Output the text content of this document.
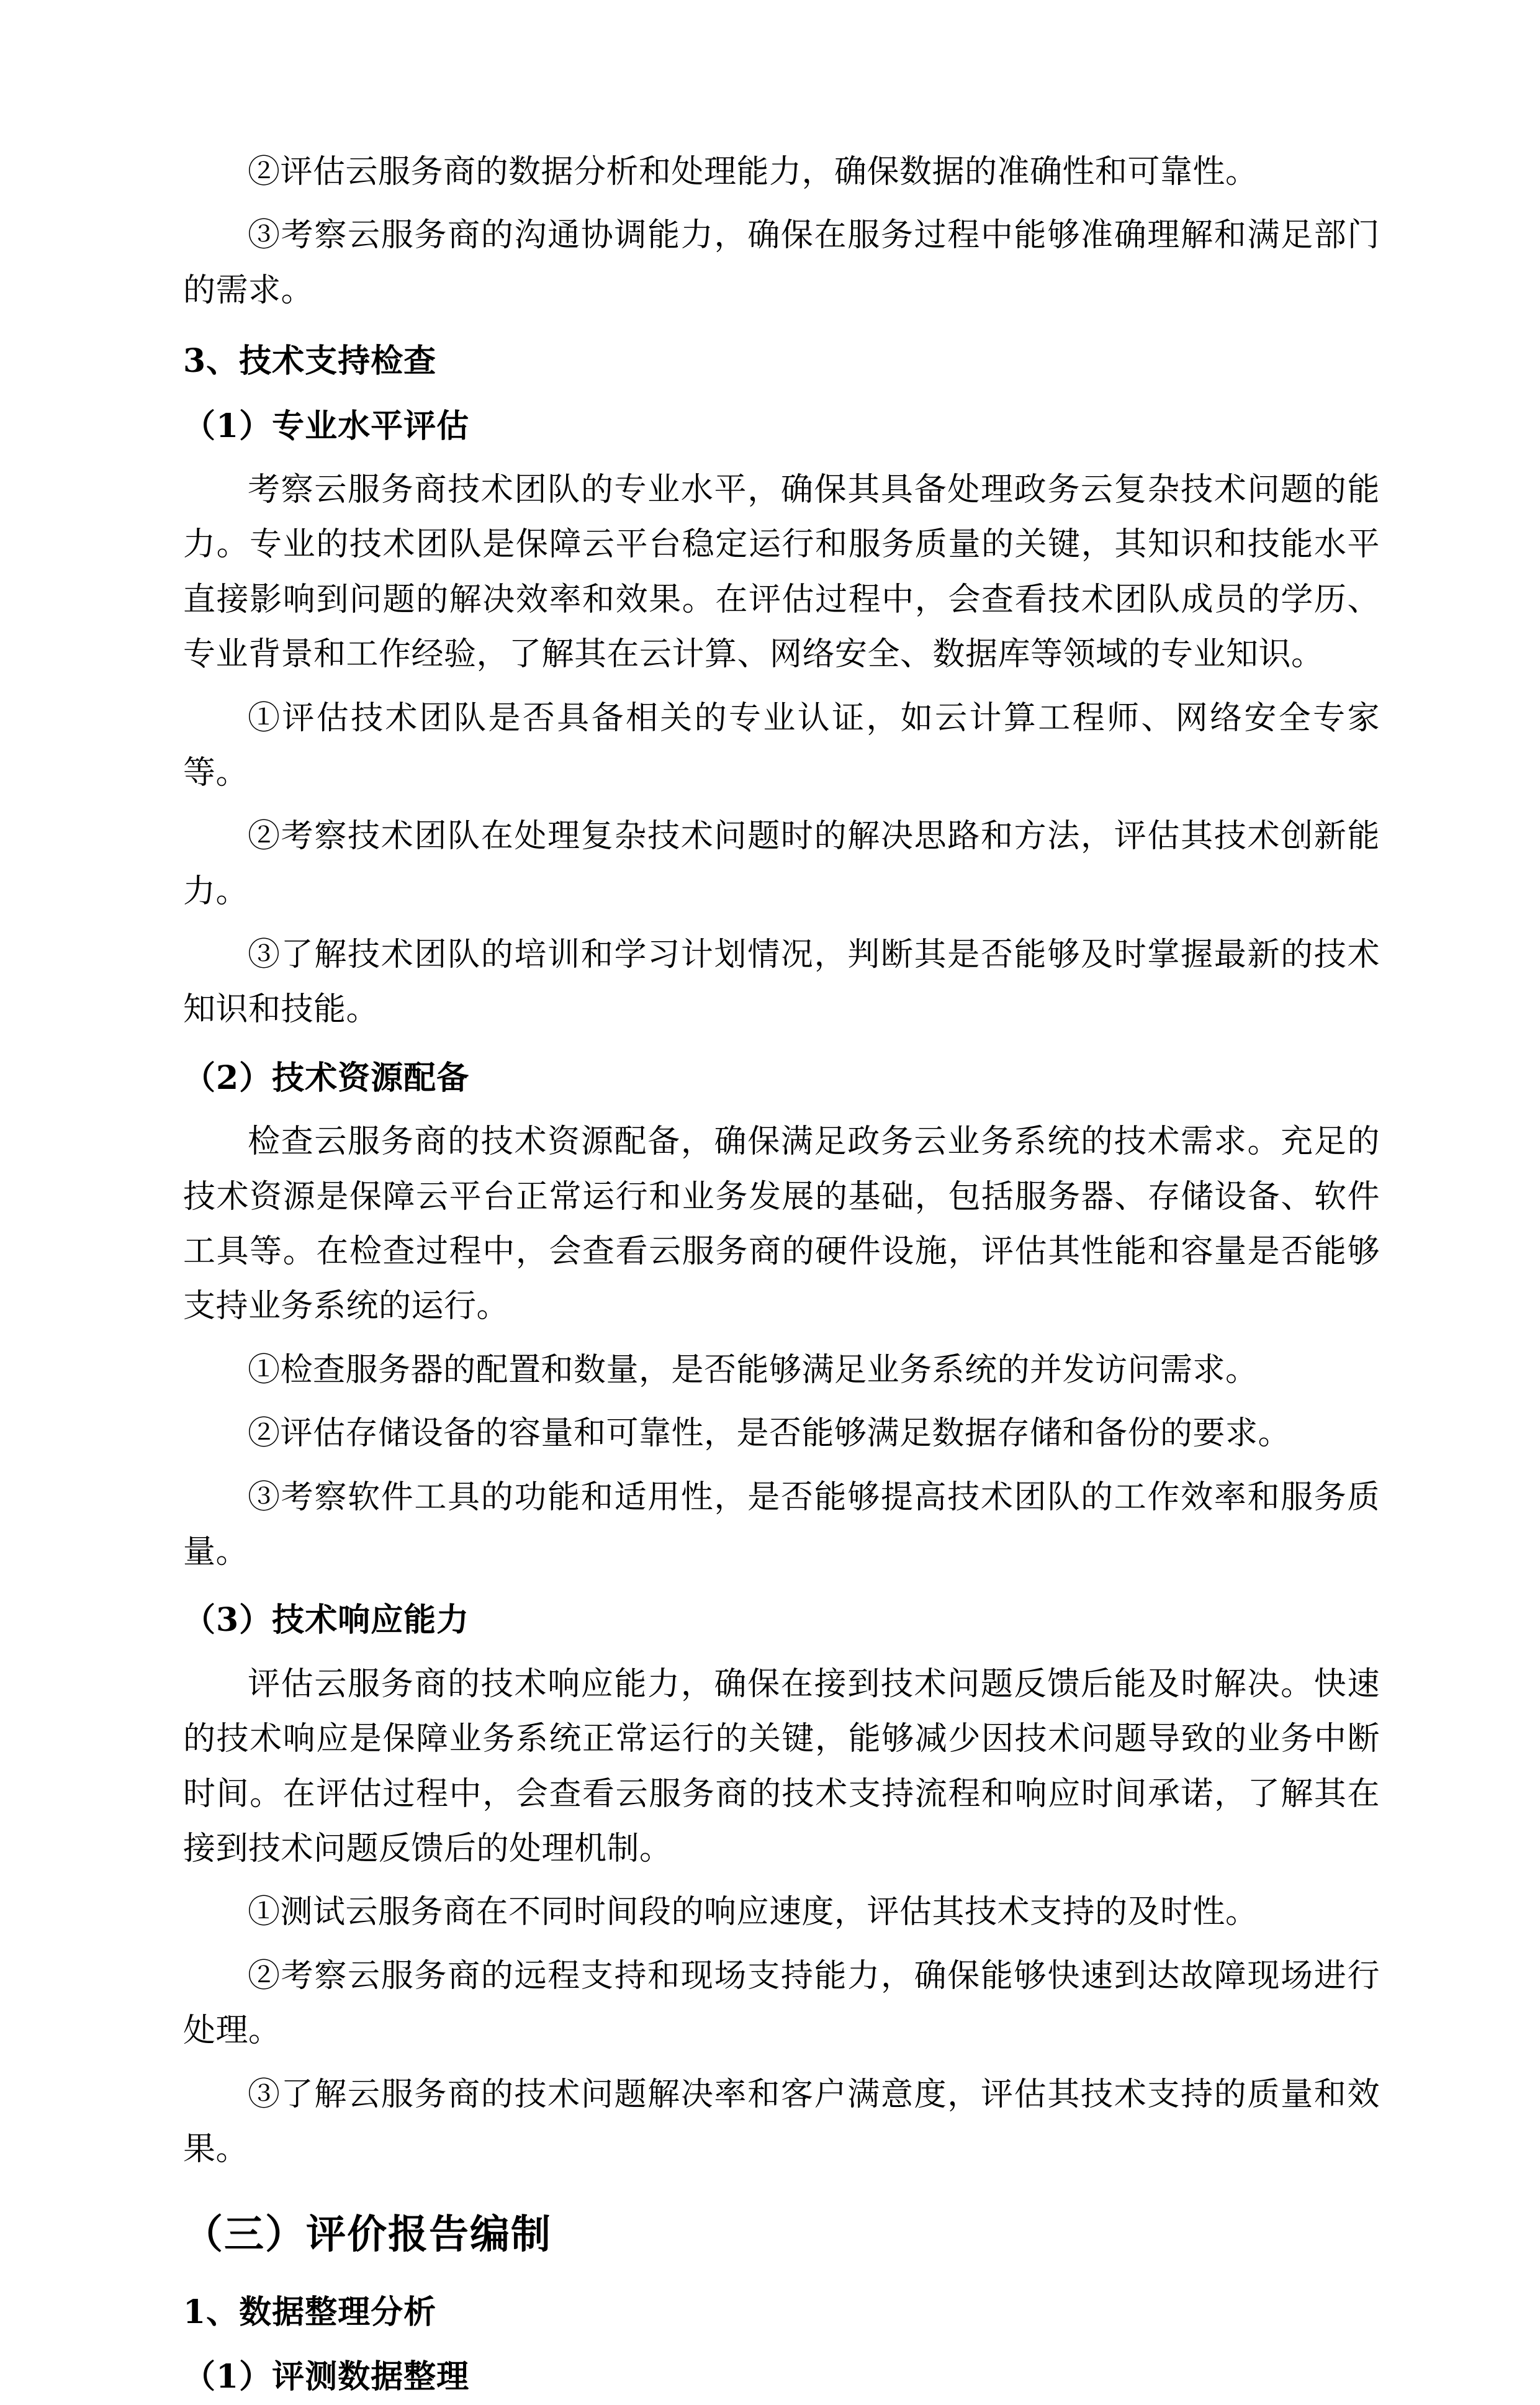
②评估云服务商的数据分析和处理能力，确保数据的准确性和可靠性。

③考察云服务商的沟通协调能力，确保在服务过程中能够准确理解和满足部门的需求。

3、技术支持检查
（1）专业水平评估

考察云服务商技术团队的专业水平，确保其具备处理政务云复杂技术问题的能力。专业的技术团队是保障云平台稳定运行和服务质量的关键，其知识和技能水平直接影响到问题的解决效率和效果。在评估过程中，会查看技术团队成员的学历、专业背景和工作经验，了解其在云计算、网络安全、数据库等领域的专业知识。

①评估技术团队是否具备相关的专业认证，如云计算工程师、网络安全专家等。

②考察技术团队在处理复杂技术问题时的解决思路和方法，评估其技术创新能力。

③了解技术团队的培训和学习计划情况，判断其是否能够及时掌握最新的技术知识和技能。

（2）技术资源配备

检查云服务商的技术资源配备，确保满足政务云业务系统的技术需求。充足的技术资源是保障云平台正常运行和业务发展的基础，包括服务器、存储设备、软件工具等。在检查过程中，会查看云服务商的硬件设施，评估其性能和容量是否能够支持业务系统的运行。

①检查服务器的配置和数量，是否能够满足业务系统的并发访问需求。

②评估存储设备的容量和可靠性，是否能够满足数据存储和备份的要求。

③考察软件工具的功能和适用性，是否能够提高技术团队的工作效率和服务质量。

（3）技术响应能力

评估云服务商的技术响应能力，确保在接到技术问题反馈后能及时解决。快速的技术响应是保障业务系统正常运行的关键，能够减少因技术问题导致的业务中断时间。在评估过程中，会查看云服务商的技术支持流程和响应时间承诺，了解其在接到技术问题反馈后的处理机制。

①测试云服务商在不同时间段的响应速度，评估其技术支持的及时性。

②考察云服务商的远程支持和现场支持能力，确保能够快速到达故障现场进行处理。

③了解云服务商的技术问题解决率和客户满意度，评估其技术支持的质量和效果。

（三）评价报告编制
1、数据整理分析
（1）评测数据整理
